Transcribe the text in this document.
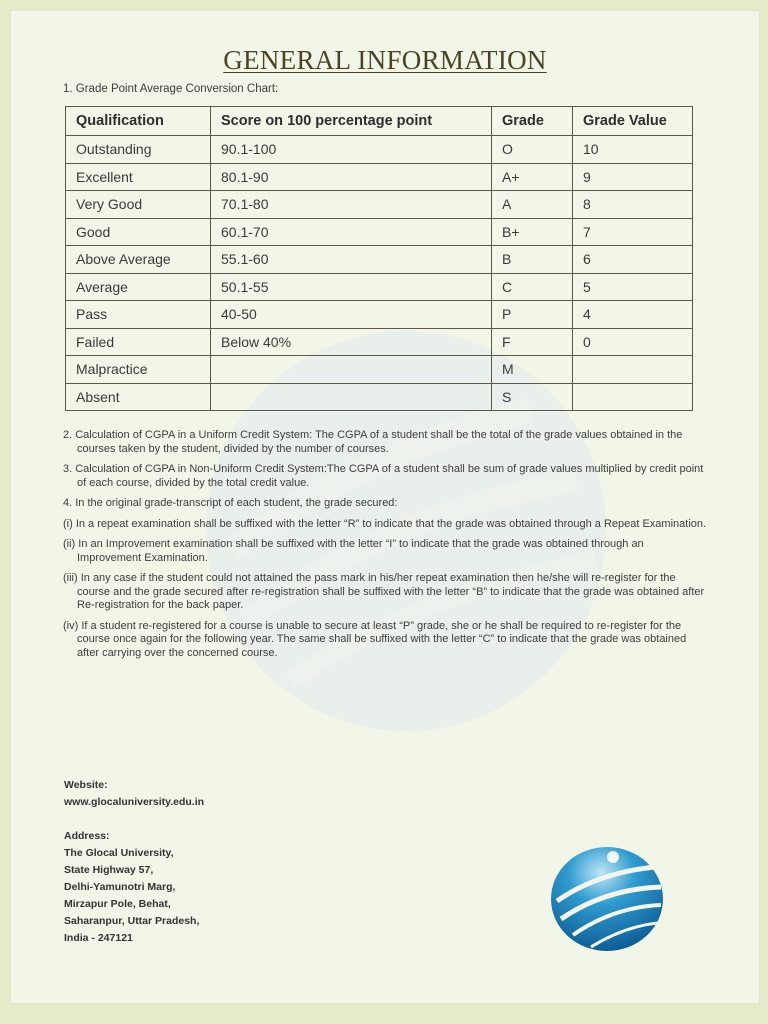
GENERAL INFORMATION
1. Grade Point Average Conversion Chart:
Qualification	Score on 100 percentage point	Grade	Grade Value
Outstanding	90.1-100	O	10
Excellent	80.1-90	A+	9
Very Good	70.1-80	A	8
Good	60.1-70	B+	7
Above Average	55.1-60	B	6
Average	50.1-55	C	5
Pass	40-50	P	4
Failed	Below 40%	F	0
Malpractice		M	
Absent		S	

2. Calculation of CGPA in a Uniform Credit System: The CGPA of a student shall be the total of the grade values obtained in the courses taken by the student, divided by the number of courses.

3. Calculation of CGPA in Non-Uniform Credit System:The CGPA of a student shall be sum of grade values multiplied by credit point of each course, divided by the total credit value.

4. In the original grade-transcript of each student, the grade secured:

(i) In a repeat examination shall be suffixed with the letter “R” to indicate that the grade was obtained through a Repeat Examination.

(ii) In an Improvement examination shall be suffixed with the letter “I” to indicate that the grade was obtained through an Improvement Examination.

(iii) In any case if the student could not attained the pass mark in his/her repeat examination then he/she will re-register for the course and the grade secured after re-registration shall be suffixed with the letter “B” to indicate that the grade was obtained after Re-registration for the back paper.

(iv) If a student re-registered for a course is unable to secure at least “P” grade, she or he shall be required to re-register for the course once again for the following year. The same shall be suffixed with the letter “C” to indicate that the grade was obtained after carrying over the concerned course.

Website:
www.glocaluniversity.edu.in
Address:
The Glocal University,
State Highway 57,
Delhi-Yamunotri Marg,
Mirzapur Pole, Behat,
Saharanpur, Uttar Pradesh,
India - 247121
